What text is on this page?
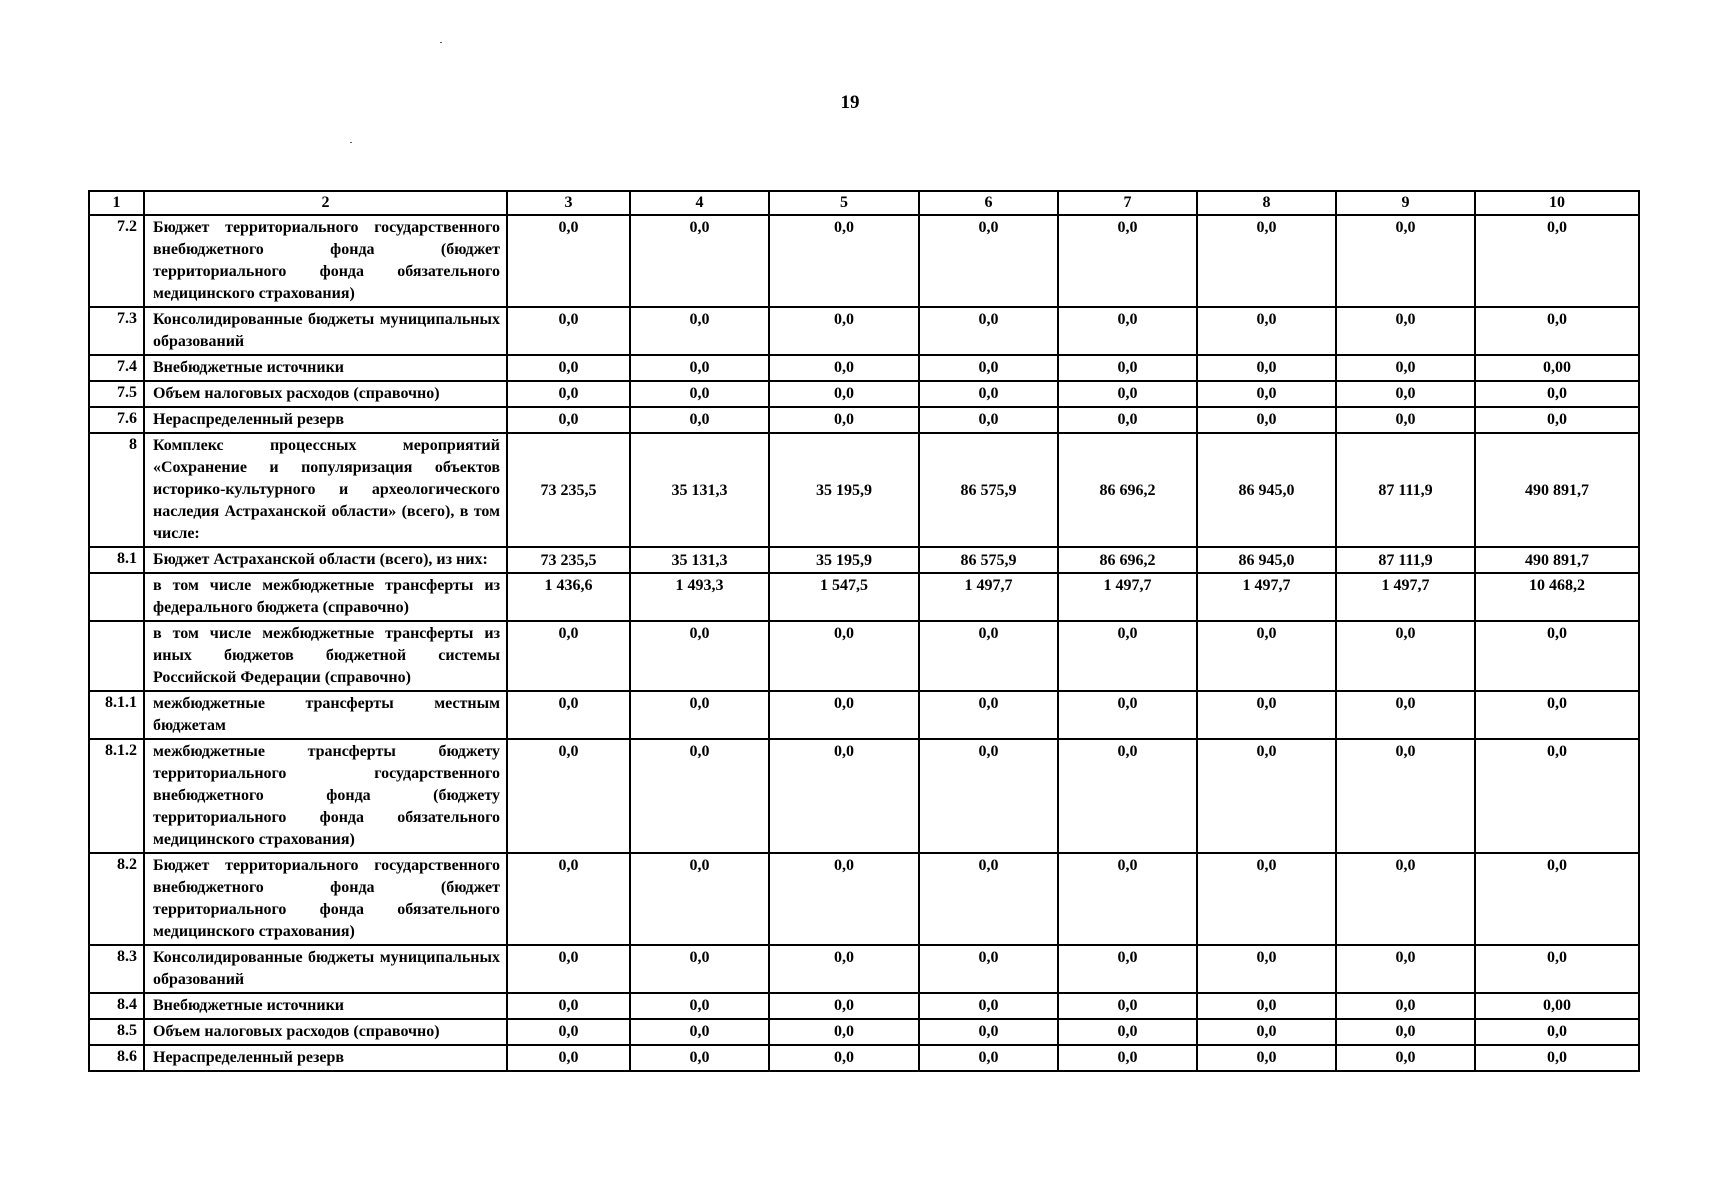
19
1	2	3	4	5	6	7	8	9	10
7.2	Бюджет территориального государственного внебюджетного фонда (бюджет территориального фонда обязательного медицинского страхования)	0,0	0,0	0,0	0,0	0,0	0,0	0,0	0,0
7.3	Консолидированные бюджеты муниципальных образований	0,0	0,0	0,0	0,0	0,0	0,0	0,0	0,0
7.4	Внебюджетные источники	0,0	0,0	0,0	0,0	0,0	0,0	0,0	0,00
7.5	Объем налоговых расходов (справочно)	0,0	0,0	0,0	0,0	0,0	0,0	0,0	0,0
7.6	Нераспределенный резерв	0,0	0,0	0,0	0,0	0,0	0,0	0,0	0,0
8	Комплекс процессных мероприятий «Сохранение и популяризация объектов историко-культурного и археологического наследия Астраханской области» (всего), в том числе:	73 235,5	35 131,3	35 195,9	86 575,9	86 696,2	86 945,0	87 111,9	490 891,7
8.1	Бюджет Астраханской области (всего), из них:	73 235,5	35 131,3	35 195,9	86 575,9	86 696,2	86 945,0	87 111,9	490 891,7
	в том числе межбюджетные трансферты из федерального бюджета (справочно)	1 436,6	1 493,3	1 547,5	1 497,7	1 497,7	1 497,7	1 497,7	10 468,2
	в том числе межбюджетные трансферты из иных бюджетов бюджетной системы Российской Федерации (справочно)	0,0	0,0	0,0	0,0	0,0	0,0	0,0	0,0
8.1.1	межбюджетные трансферты местным бюджетам	0,0	0,0	0,0	0,0	0,0	0,0	0,0	0,0
8.1.2	межбюджетные трансферты бюджету территориального государственного внебюджетного фонда (бюджету территориального фонда обязательного медицинского страхования)	0,0	0,0	0,0	0,0	0,0	0,0	0,0	0,0
8.2	Бюджет территориального государственного внебюджетного фонда (бюджет территориального фонда обязательного медицинского страхования)	0,0	0,0	0,0	0,0	0,0	0,0	0,0	0,0
8.3	Консолидированные бюджеты муниципальных образований	0,0	0,0	0,0	0,0	0,0	0,0	0,0	0,0
8.4	Внебюджетные источники	0,0	0,0	0,0	0,0	0,0	0,0	0,0	0,00
8.5	Объем налоговых расходов (справочно)	0,0	0,0	0,0	0,0	0,0	0,0	0,0	0,0
8.6	Нераспределенный резерв	0,0	0,0	0,0	0,0	0,0	0,0	0,0	0,0
